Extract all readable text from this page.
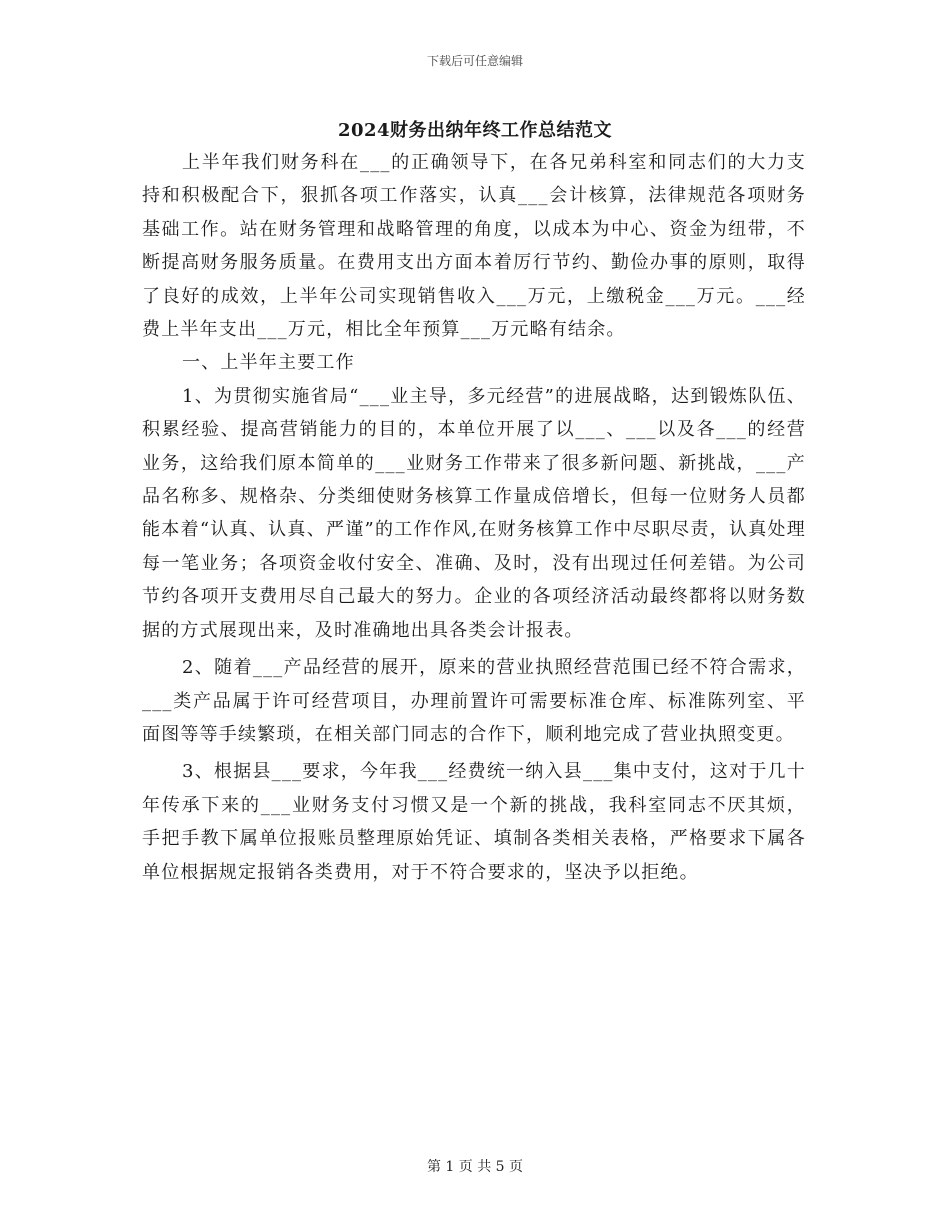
下载后可任意编辑
2024财务出纳年终工作总结范文

上半年我们财务科在___的正确领导下，在各兄弟科室和同志们的大力支持和积极配合下，狠抓各项工作落实，认真___会计核算，法律规范各项财务基础工作。站在财务管理和战略管理的角度，以成本为中心、资金为纽带，不断提高财务服务质量。在费用支出方面本着厉行节约、勤俭办事的原则，取得了良好的成效，上半年公司实现销售收入___万元，上缴税金___万元。___经费上半年支出___万元，相比全年预算___万元略有结余。

一、上半年主要工作

1、为贯彻实施省局“___业主导，多元经营”的进展战略，达到锻炼队伍、积累经验、提高营销能力的目的，本单位开展了以___、___以及各___的经营业务，这给我们原本简单的___业财务工作带来了很多新问题、新挑战，___产品名称多、规格杂、分类细使财务核算工作量成倍增长，但每一位财务人员都能本着“认真、认真、严谨”的工作作风,在财务核算工作中尽职尽责，认真处理每一笔业务；各项资金收付安全、准确、及时，没有出现过任何差错。为公司节约各项开支费用尽自己最大的努力。企业的各项经济活动最终都将以财务数据的方式展现出来，及时准确地出具各类会计报表。

2、随着___产品经营的展开，原来的营业执照经营范围已经不符合需求，___类产品属于许可经营项目，办理前置许可需要标准仓库、标准陈列室、平面图等等手续繁琐，在相关部门同志的合作下，顺利地完成了营业执照变更。

3、根据县___要求，今年我___经费统一纳入县___集中支付，这对于几十年传承下来的___业财务支付习惯又是一个新的挑战，我科室同志不厌其烦，手把手教下属单位报账员整理原始凭证、填制各类相关表格，严格要求下属各单位根据规定报销各类费用，对于不符合要求的，坚决予以拒绝。

第 1 页 共 5 页
